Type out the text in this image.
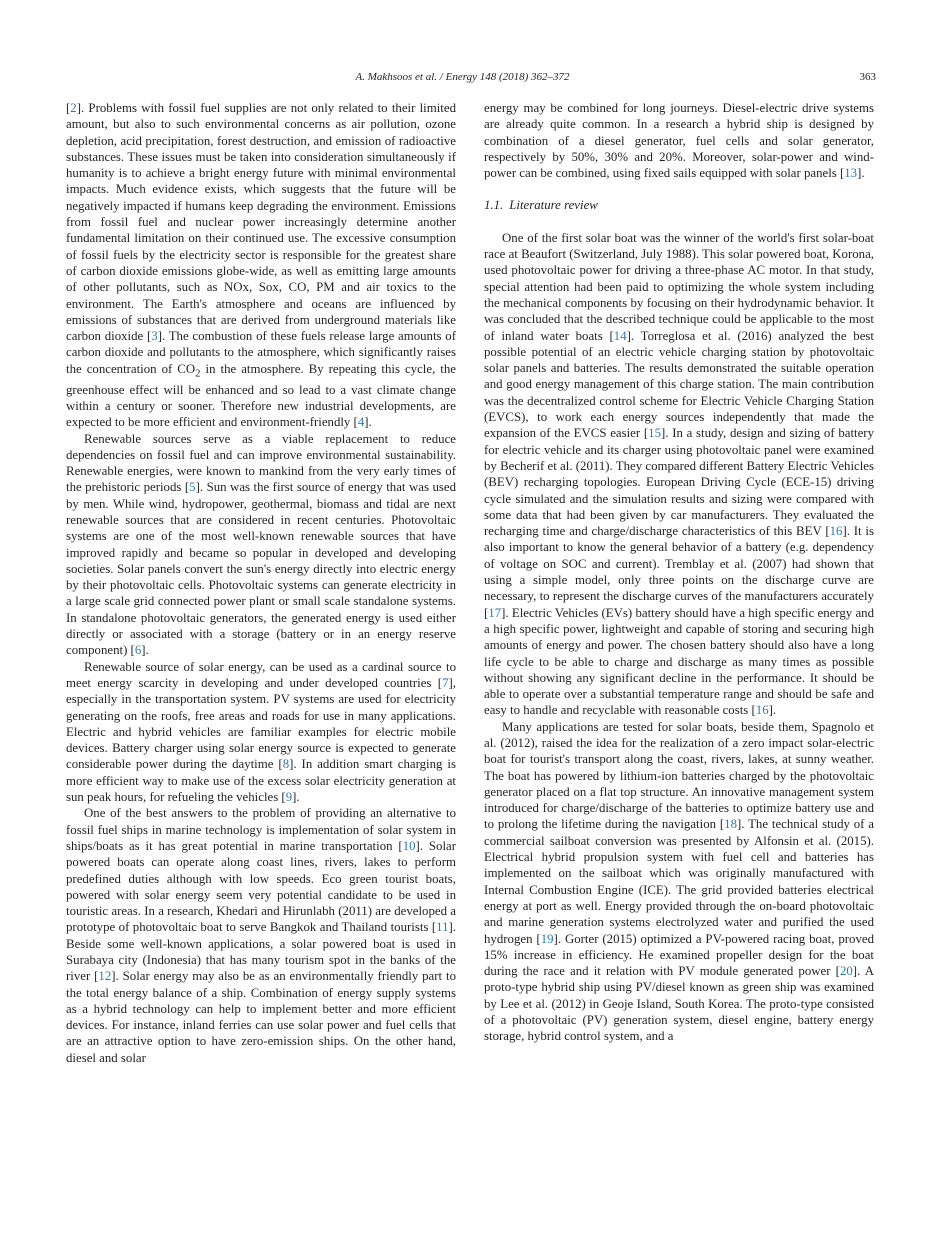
A. Makhsoos et al. / Energy 148 (2018) 362–372	363

[2]. Problems with fossil fuel supplies are not only related to their limited amount, but also to such environmental concerns as air pollution, ozone depletion, acid precipitation, forest destruction, and emission of radioactive substances. These issues must be taken into consideration simultaneously if humanity is to achieve a bright energy future with minimal environmental impacts. Much evidence exists, which suggests that the future will be negatively impacted if humans keep degrading the environment. Emissions from fossil fuel and nuclear power increasingly determine another fundamental limitation on their continued use. The excessive consumption of fossil fuels by the electricity sector is responsible for the greatest share of carbon dioxide emissions globe-wide, as well as emitting large amounts of other pollutants, such as NOx, Sox, CO, PM and air toxics to the environment. The Earth's atmosphere and oceans are influenced by emissions of substances that are derived from underground materials like carbon dioxide [3]. The combustion of these fuels release large amounts of carbon dioxide and pollutants to the atmosphere, which significantly raises the concentration of $CO_2$ in the atmosphere. By repeating this cycle, the greenhouse effect will be enhanced and so lead to a vast climate change within a century or sooner. Therefore new industrial developments, are expected to be more efficient and environment-friendly [4].

Renewable sources serve as a viable replacement to reduce dependencies on fossil fuel and can improve environmental sustainability. Renewable energies, were known to mankind from the very early times of the prehistoric periods [5]. Sun was the first source of energy that was used by men. While wind, hydropower, geothermal, biomass and tidal are next renewable sources that are considered in recent centuries. Photovoltaic systems are one of the most well-known renewable sources that have improved rapidly and became so popular in developed and developing societies. Solar panels convert the sun's energy directly into electric energy by their photovoltaic cells. Photovoltaic systems can generate electricity in a large scale grid connected power plant or small scale standalone systems. In standalone photovoltaic generators, the generated energy is used either directly or associated with a storage (battery or in an energy reserve component) [6].

Renewable source of solar energy, can be used as a cardinal source to meet energy scarcity in developing and under developed countries [7], especially in the transportation system. PV systems are used for electricity generating on the roofs, free areas and roads for use in many applications. Electric and hybrid vehicles are familiar examples for electric mobile devices. Battery charger using solar energy source is expected to generate considerable power during the daytime [8]. In addition smart charging is more efficient way to make use of the excess solar electricity generation at sun peak hours, for refueling the vehicles [9].

One of the best answers to the problem of providing an alternative to fossil fuel ships in marine technology is implementation of solar system in ships/boats as it has great potential in marine transportation [10]. Solar powered boats can operate along coast lines, rivers, lakes to perform predefined duties although with low speeds. Eco green tourist boats, powered with solar energy seem very potential candidate to be used in touristic areas. In a research, Khedari and Hirunlabh (2011) are developed a prototype of photovoltaic boat to serve Bangkok and Thailand tourists [11]. Beside some well-known applications, a solar powered boat is used in Surabaya city (Indonesia) that has many tourism spot in the banks of the river [12]. Solar energy may also be as an environmentally friendly part to the total energy balance of a ship. Combination of energy supply systems as a hybrid technology can help to implement better and more efficient devices. For instance, inland ferries can use solar power and fuel cells that are an attractive option to have zero-emission ships. On the other hand, diesel and solar

energy may be combined for long journeys. Diesel-electric drive systems are already quite common. In a research a hybrid ship is designed by combination of a diesel generator, fuel cells and solar generator, respectively by 50%, 30% and 20%. Moreover, solar-power and wind-power can be combined, using fixed sails equipped with solar panels [13].

1.1. Literature review

One of the first solar boat was the winner of the world's first solar-boat race at Beaufort (Switzerland, July 1988). This solar powered boat, Korona, used photovoltaic power for driving a three-phase AC motor. In that study, special attention had been paid to optimizing the whole system including the mechanical components by focusing on their hydrodynamic behavior. It was concluded that the described technique could be applicable to the most of inland water boats [14]. Torreglosa et al. (2016) analyzed the best possible potential of an electric vehicle charging station by photovoltaic solar panels and batteries. The results demonstrated the suitable operation and good energy management of this charge station. The main contribution was the decentralized control scheme for Electric Vehicle Charging Station (EVCS), to work each energy sources independently that made the expansion of the EVCS easier [15]. In a study, design and sizing of battery for electric vehicle and its charger using photovoltaic panel were examined by Becherif et al. (2011). They compared different Battery Electric Vehicles (BEV) recharging topologies. European Driving Cycle (ECE-15) driving cycle simulated and the simulation results and sizing were compared with some data that had been given by car manufacturers. They evaluated the recharging time and charge/discharge characteristics of this BEV [16]. It is also important to know the general behavior of a battery (e.g. dependency of voltage on SOC and current). Tremblay et al. (2007) had shown that using a simple model, only three points on the discharge curve are necessary, to represent the discharge curves of the manufacturers accurately [17]. Electric Vehicles (EVs) battery should have a high specific energy and a high specific power, lightweight and capable of storing and securing high amounts of energy and power. The chosen battery should also have a long life cycle to be able to charge and discharge as many times as possible without showing any significant decline in the performance. It should be able to operate over a substantial temperature range and should be safe and easy to handle and recyclable with reasonable costs [16].

Many applications are tested for solar boats, beside them, Spagnolo et al. (2012), raised the idea for the realization of a zero impact solar-electric boat for tourist's transport along the coast, rivers, lakes, at sunny weather. The boat has powered by lithium-ion batteries charged by the photovoltaic generator placed on a flat top structure. An innovative management system introduced for charge/discharge of the batteries to optimize battery use and to prolong the lifetime during the navigation [18]. The technical study of a commercial sailboat conversion was presented by Alfonsin et al. (2015). Electrical hybrid propulsion system with fuel cell and batteries has implemented on the sailboat which was originally manufactured with Internal Combustion Engine (ICE). The grid provided batteries electrical energy at port as well. Energy provided through the on-board photovoltaic and marine generation systems electrolyzed water and purified the used hydrogen [19]. Gorter (2015) optimized a PV-powered racing boat, proved 15% increase in efficiency. He examined propeller design for the boat during the race and it relation with PV module generated power [20]. A proto-type hybrid ship using PV/diesel known as green ship was examined by Lee et al. (2012) in Geoje Island, South Korea. The proto-type consisted of a photovoltaic (PV) generation system, diesel engine, battery energy storage, hybrid control system, and a
